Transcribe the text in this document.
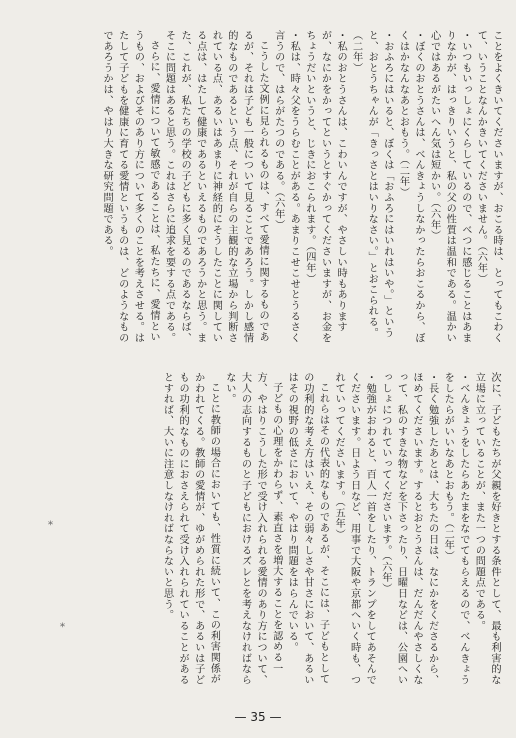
ことをよくきいてくださいますが、おこる時は、とってもこわくて、いうことなんかきいてくださいません。（六年）

・いつもいっしょにくらしているので、べつに感じることはあまりなかが、はっきりいうと、私の父の性質は温和である。温かい心ではあるがたいへん気は短かい。（六年）

・ぼくのおとうさんは、べんきょうしなかったらおこるから、ぼくはかなんなあとおもう。（二年）

・おふろにはいると、ぼくは「おふろにはいれはいや。」というと、おとうちゃんが「きっさとはいりなさい。」とおこられる。（二年）

・私のおとうさんは、こわいんですが、やさしい時もありますが、なにかをかってというとすぐかってくださいますが、お金をちょうだいというと、じきにおこられます。（四年）

・私は、時々父をうらむことがある。あまりこせこせとうるさく言うので、はらがたつのである。（六年）

こうした文例に見られるものは、すべて愛情に関するものであるが、それは子ども一般について見ることであろう。しかし感情的なものであるという点、それが自らの主観的な立場から判断されている点、あるいはあまりに神経的にそうしたことに関している点は、はたして健康であるといえるものであろうかと思う。また、これが、私たちの学校の子どもに多く見るのであるならば、そこに問題はあると思う。これはさらに追求を要する点である。

さらに、愛情について敏感であることは、私たちに、愛情というもの、およびそのあり方について多くのことを考えさせる。はたして子どもを健康に育てる愛情というものは、どのようなものであろうかは、やはり大きな研究問題である。

次に、子どもたちが父親を好きとする条件として、最も利害的な立場に立っていることが、また一つの問題点である。

・べんきょうをしたらあたまをなでてもらえるので、べんきょうをしたらがいいなあとおもう。（二年）

・長く勉強したあとは、大ちたの日は、なにかをくださるから、ほめてくださいます。するとおとうさんは、だんだんやさしくなって、私のすきな物などを下さったり、日曜日などは、公園へいっしょにつれていってくださいます。（六年）

・勉強がおわると、百人一首をしたり、トランプをしてあそんでくださいます。日よう日など、用事で大阪や京都へいく時も、つれていってくださいます。（五年）

これらはその代表的なものであるが、そこには、子どもとしての功利的な考え方はいえ、その弱々しさや甘さにおいて、あるいはその視野の低さにおいて、やはり問題をはらんでいる。

子どもの心理をかわらず、素直さを増大することを認める一方、やはりこうした形で受け入れられる愛情のあり方について、大人の志向するものと子どもにおけるズレとを考えなければならない。

ことに教師の場合においても、性質に続いて、この利害関係がかわれてくる。教師の愛情が、ゆがめられた形で、あるいは子どもの功利的なものにおさえられて受け入れられていることがあるとすれば、大いに注意しなければならないと思う。

*
*
— 35 —
